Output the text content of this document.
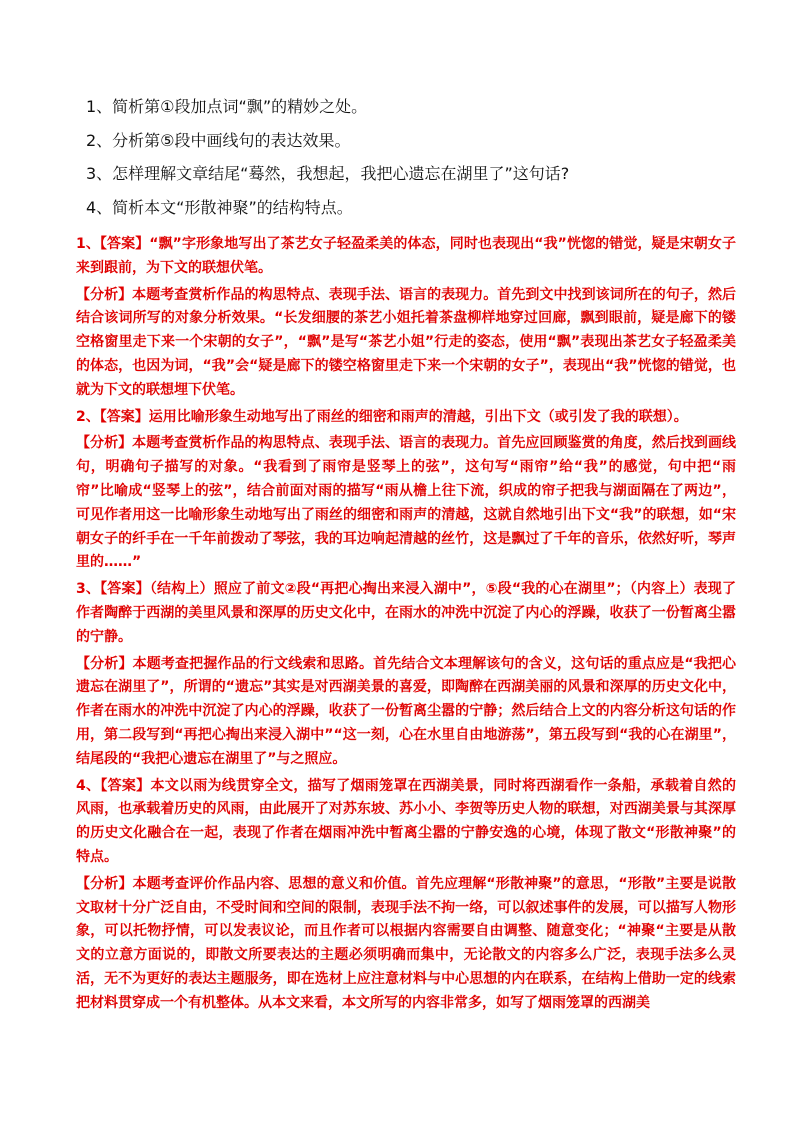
1、简析第①段加点词“飘”的精妙之处。
2、分析第⑤段中画线句的表达效果。
3、怎样理解文章结尾“蓦然，我想起，我把心遗忘在湖里了”这句话?
4、简析本文“形散神聚”的结构特点。

1、【答案】“飘”字形象地写出了茶艺女子轻盈柔美的体态，同时也表现出“我”恍惚的错觉，疑是宋朝女子来到跟前，为下文的联想伏笔。

【分析】本题考查赏析作品的构思特点、表现手法、语言的表现力。首先到文中找到该词所在的句子，然后结合该词所写的对象分析效果。“长发细腰的茶艺小姐托着茶盘柳样地穿过回廊，飘到眼前，疑是廊下的镂空格窗里走下来一个宋朝的女子”，“飘”是写“茶艺小姐”行走的姿态，使用“飘”表现出茶艺女子轻盈柔美的体态，也因为词，“我”会“疑是廊下的镂空格窗里走下来一个宋朝的女子”，表现出“我”恍惚的错觉，也就为下文的联想埋下伏笔。

2、【答案】运用比喻形象生动地写出了雨丝的细密和雨声的清越，引出下文（或引发了我的联想）。

【分析】本题考查赏析作品的构思特点、表现手法、语言的表现力。首先应回顾鉴赏的角度，然后找到画线句，明确句子描写的对象。“我看到了雨帘是竖琴上的弦”，这句写“雨帘”给“我”的感觉，句中把“雨帘”比喻成“竖琴上的弦”，结合前面对雨的描写“雨从檐上往下流，织成的帘子把我与湖面隔在了两边”，可见作者用这一比喻形象生动地写出了雨丝的细密和雨声的清越，这就自然地引出下文“我”的联想，如“宋朝女子的纤手在一千年前拨动了琴弦，我的耳边响起清越的丝竹，这是飘过了千年的音乐，依然好听，琴声里的……”

3、【答案】（结构上）照应了前文②段“再把心掏出来浸入湖中”，⑤段“我的心在湖里”；（内容上）表现了作者陶醉于西湖的美里风景和深厚的历史文化中，在雨水的冲洗中沉淀了内心的浮躁，收获了一份暂离尘嚣的宁静。

【分析】本题考查把握作品的行文线索和思路。首先结合文本理解该句的含义，这句话的重点应是“我把心遗忘在湖里了”，所谓的“遗忘”其实是对西湖美景的喜爱，即陶醉在西湖美丽的风景和深厚的历史文化中，作者在雨水的冲洗中沉淀了内心的浮躁，收获了一份暂离尘嚣的宁静；然后结合上文的内容分析这句话的作用，第二段写到“再把心掏出来浸入湖中”“这一刻，心在水里自由地游荡”，第五段写到“我的心在湖里”，结尾段的“我把心遗忘在湖里了”与之照应。

4、【答案】本文以雨为线贯穿全文，描写了烟雨笼罩在西湖美景，同时将西湖看作一条船，承载着自然的风雨，也承载着历史的风雨，由此展开了对苏东坡、苏小小、李贺等历史人物的联想，对西湖美景与其深厚的历史文化融合在一起，表现了作者在烟雨冲洗中暂离尘嚣的宁静安逸的心境，体现了散文“形散神聚”的特点。

【分析】本题考查评价作品内容、思想的意义和价值。首先应理解“形散神聚”的意思，“形散”主要是说散文取材十分广泛自由，不受时间和空间的限制，表现手法不拘一络，可以叙述事件的发展，可以描写人物形象，可以托物抒情，可以发表议论，而且作者可以根据内容需要自由调整、随意变化；“神聚“主要是从散文的立意方面说的，即散文所要表达的主题必须明确而集中，无论散文的内容多么广泛，表现手法多么灵活，无不为更好的表达主题服务，即在选材上应注意材料与中心思想的内在联系，在结构上借助一定的线索把材料贯穿成一个有机整体。从本文来看，本文所写的内容非常多，如写了烟雨笼罩的西湖美
